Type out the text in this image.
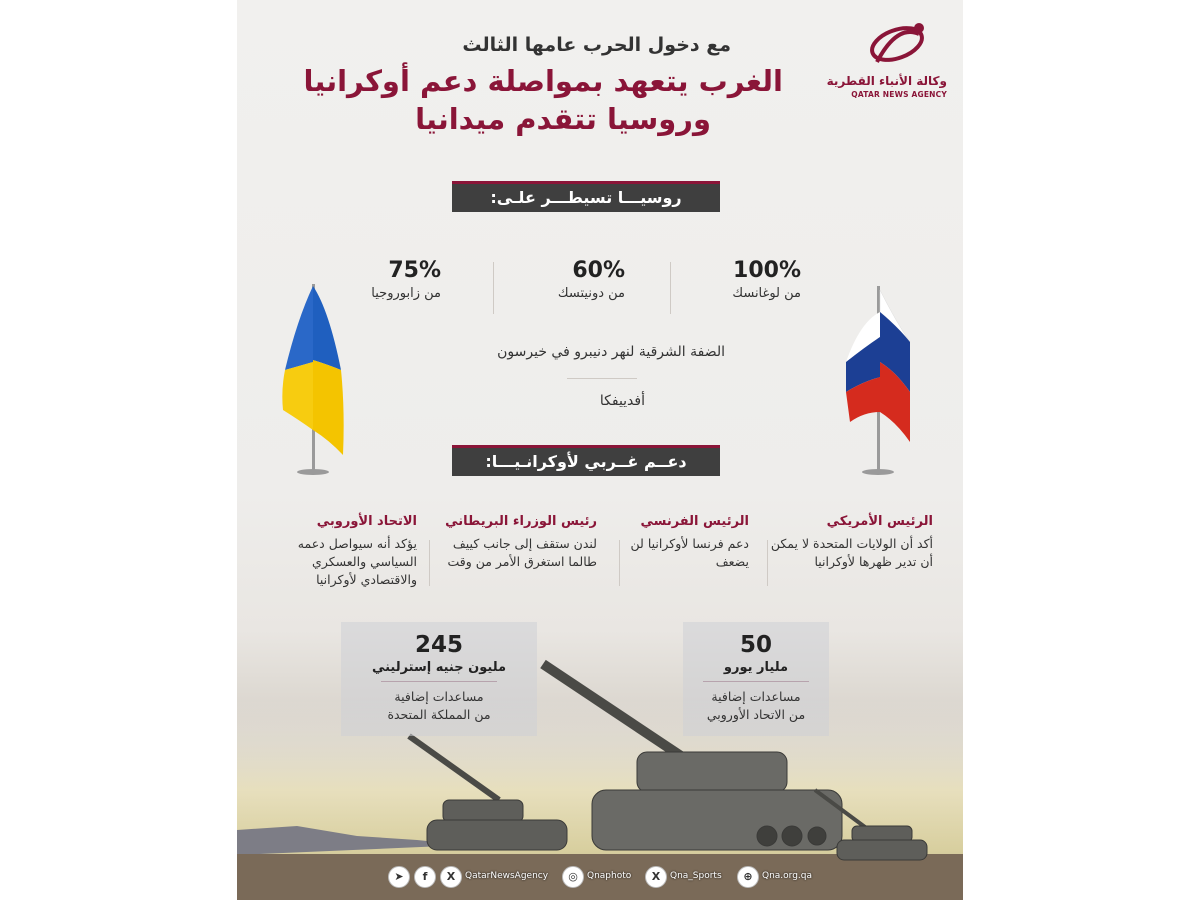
وكالة الأنباء القطرية
QATAR NEWS AGENCY
مع دخول الحرب عامها الثالث
الغرب يتعهد بمواصلة دعم أوكرانيا
وروسيا تتقدم ميدانيا
روسيـــا تسيطـــر علـى:
100%
من لوغانسك
60%
من دونيتسك
75%
من زابوروجيا
الضفة الشرقية لنهر دنيبرو في خيرسون
أفدييفكا
دعــم غــربي لأوكرانـيـــا:
الرئيس الأمريكي
أكد أن الولايات المتحدة لا يمكن أن تدير ظهرها لأوكرانيا
الرئيس الفرنسي
دعم فرنسا لأوكرانيا لن يضعف
رئيس الوزراء البريطاني
لندن ستقف إلى جانب كييف طالما استغرق الأمر من وقت
الاتحاد الأوروبي
يؤكد أنه سيواصل دعمه السياسي والعسكري والاقتصادي لأوكرانيا
50
مليار يورو
مساعدات إضافية
من الاتحاد الأوروبي
245
مليون جنيه إسترليني
مساعدات إضافية
من المملكة المتحدة
➤	f	X	QatarNewsAgency	◎	Qnaphoto	X	Qna_Sports	⊕	Qna.org.qa
